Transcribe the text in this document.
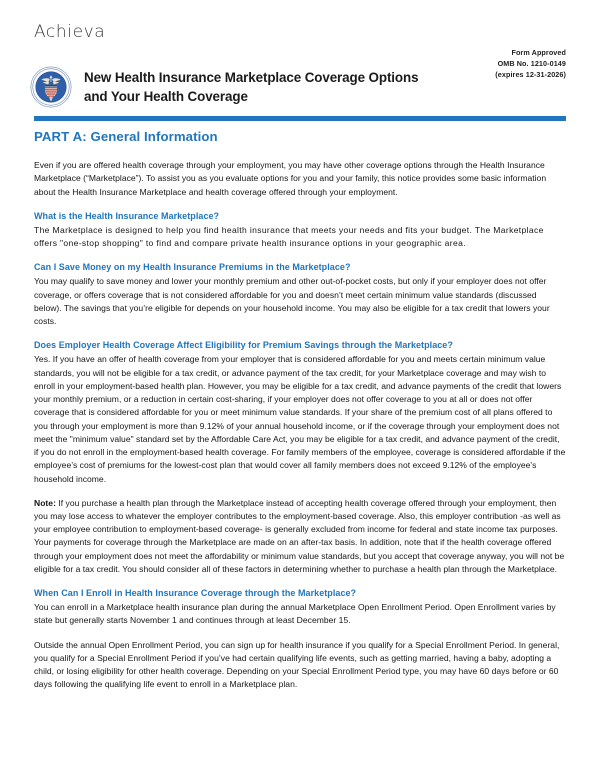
Achieva
Form Approved
OMB No. 1210-0149
(expires 12-31-2026)
New Health Insurance Marketplace Coverage Options
and Your Health Coverage
PART A: General Information

Even if you are offered health coverage through your employment, you may have other coverage options through the Health Insurance Marketplace (“Marketplace”). To assist you as you evaluate options for you and your family, this notice provides some basic information about the Health Insurance Marketplace and health coverage offered through your employment.

What is the Health Insurance Marketplace?

The Marketplace is designed to help you find health insurance that meets your needs and fits your budget. The Marketplace offers "one-stop shopping" to find and compare private health insurance options in your geographic area.

Can I Save Money on my Health Insurance Premiums in the Marketplace?

You may qualify to save money and lower your monthly premium and other out-of-pocket costs, but only if your employer does not offer coverage, or offers coverage that is not considered affordable for you and doesn’t meet certain minimum value standards (discussed below). The savings that you’re eligible for depends on your household income. You may also be eligible for a tax credit that lowers your costs.

Does Employer Health Coverage Affect Eligibility for Premium Savings through the Marketplace?

Yes. If you have an offer of health coverage from your employer that is considered affordable for you and meets certain minimum value standards, you will not be eligible for a tax credit, or advance payment of the tax credit, for your Marketplace coverage and may wish to enroll in your employment-based health plan. However, you may be eligible for a tax credit, and advance payments of the credit that lowers your monthly premium, or a reduction in certain cost-sharing, if your employer does not offer coverage to you at all or does not offer coverage that is considered affordable for you or meet minimum value standards. If your share of the premium cost of all plans offered to you through your employment is more than 9.12% of your annual household income, or if the coverage through your employment does not meet the "minimum value" standard set by the Affordable Care Act, you may be eligible for a tax credit, and advance payment of the credit, if you do not enroll in the employment-based health coverage. For family members of the employee, coverage is considered affordable if the employee’s cost of premiums for the lowest-cost plan that would cover all family members does not exceed 9.12% of the employee's household income.

Note: If you purchase a health plan through the Marketplace instead of accepting health coverage offered through your employment, then you may lose access to whatever the employer contributes to the employment-based coverage. Also, this employer contribution -as well as your employee contribution to employment-based coverage- is generally excluded from income for federal and state income tax purposes. Your payments for coverage through the Marketplace are made on an after-tax basis. In addition, note that if the health coverage offered through your employment does not meet the affordability or minimum value standards, but you accept that coverage anyway, you will not be eligible for a tax credit. You should consider all of these factors in determining whether to purchase a health plan through the Marketplace.

When Can I Enroll in Health Insurance Coverage through the Marketplace?

You can enroll in a Marketplace health insurance plan during the annual Marketplace Open Enrollment Period. Open Enrollment varies by state but generally starts November 1 and continues through at least December 15.

Outside the annual Open Enrollment Period, you can sign up for health insurance if you qualify for a Special Enrollment Period. In general, you qualify for a Special Enrollment Period if you’ve had certain qualifying life events, such as getting married, having a baby, adopting a child, or losing eligibility for other health coverage. Depending on your Special Enrollment Period type, you may have 60 days before or 60 days following the qualifying life event to enroll in a Marketplace plan.
